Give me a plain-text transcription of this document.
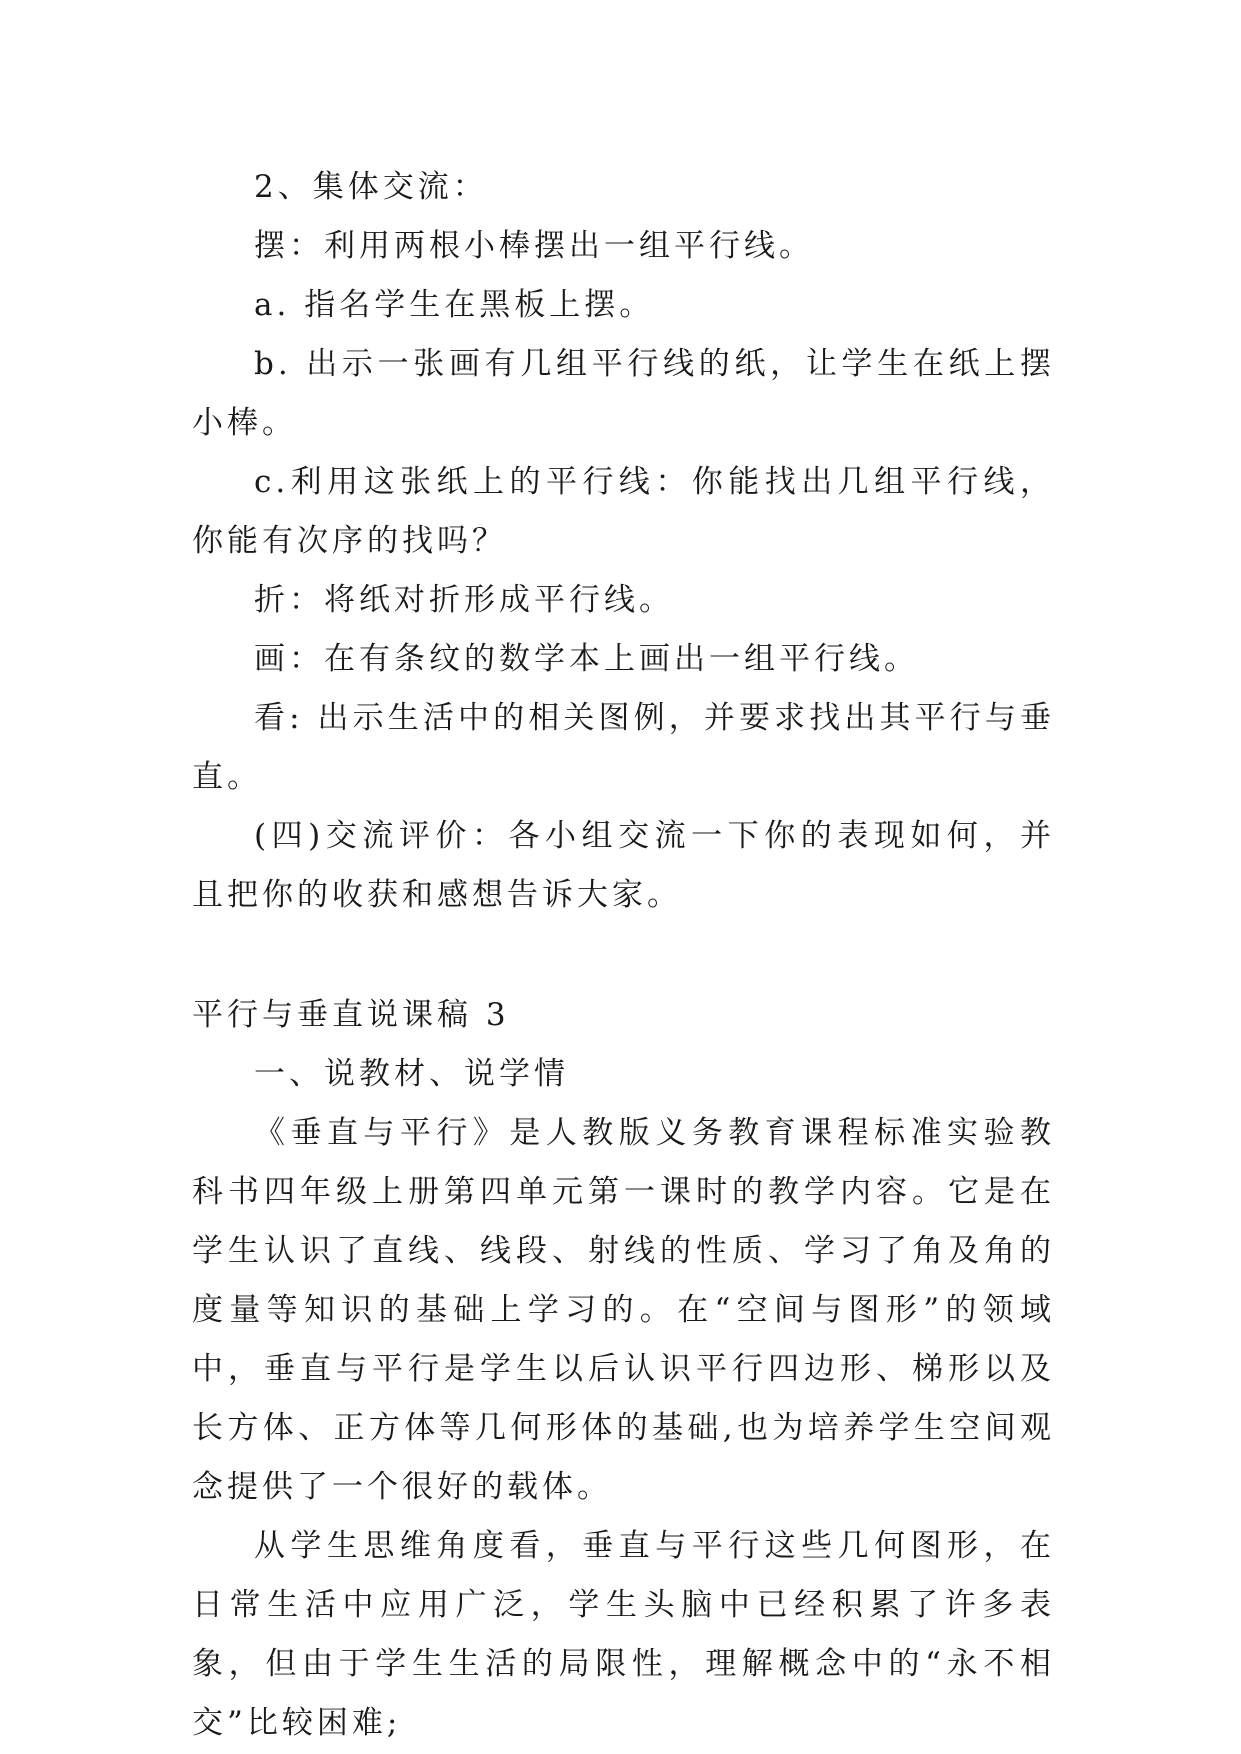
2、集体交流：

摆：利用两根小棒摆出一组平行线。

a. 指名学生在黑板上摆。

b. 出示一张画有几组平行线的纸，让学生在纸上摆小棒。

c.利用这张纸上的平行线：你能找出几组平行线，你能有次序的找吗？

折：将纸对折形成平行线。

画：在有条纹的数学本上画出一组平行线。

看: 出示生活中的相关图例，并要求找出其平行与垂直。

(四)交流评价：各小组交流一下你的表现如何，并且把你的收获和感想告诉大家。

平行与垂直说课稿 3

一、说教材、说学情

《垂直与平行》是人教版义务教育课程标准实验教科书四年级上册第四单元第一课时的教学内容。它是在学生认识了直线、线段、射线的性质、学习了角及角的度量等知识的基础上学习的。在“空间与图形”的领域中，垂直与平行是学生以后认识平行四边形、梯形以及长方体、正方体等几何形体的基础,也为培养学生空间观念提供了一个很好的载体。

从学生思维角度看，垂直与平行这些几何图形，在日常生活中应用广泛，学生头脑中已经积累了许多表象，但由于学生生活的局限性，理解概念中的“永不相交”比较困难;
